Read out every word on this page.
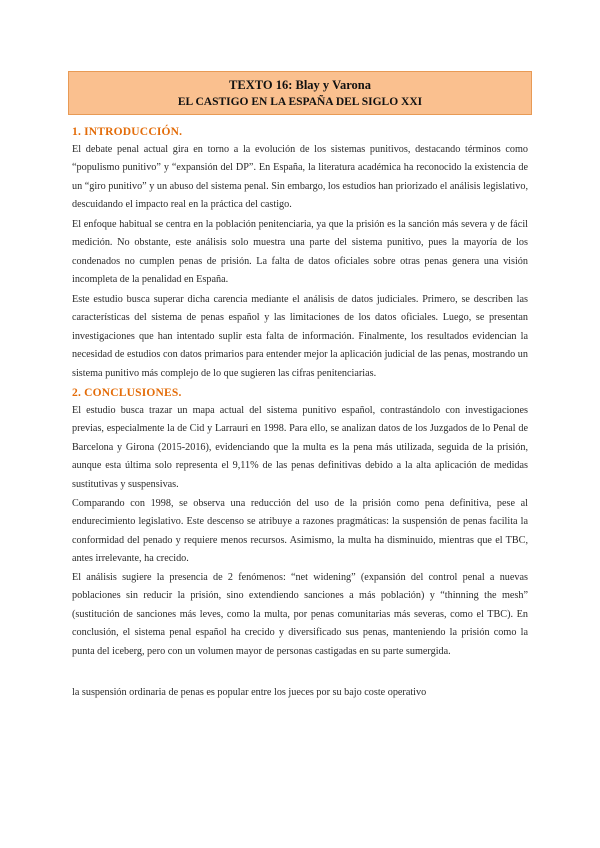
TEXTO 16: Blay y Varona
EL CASTIGO EN LA ESPAÑA DEL SIGLO XXI
1. INTRODUCCIÓN.

El debate penal actual gira en torno a la evolución de los sistemas punitivos, destacando términos como “populismo punitivo” y “expansión del DP”. En España, la literatura académica ha reconocido la existencia de un “giro punitivo” y un abuso del sistema penal. Sin embargo, los estudios han priorizado el análisis legislativo, descuidando el impacto real en la práctica del castigo.

El enfoque habitual se centra en la población penitenciaria, ya que la prisión es la sanción más severa y de fácil medición. No obstante, este análisis solo muestra una parte del sistema punitivo, pues la mayoría de los condenados no cumplen penas de prisión. La falta de datos oficiales sobre otras penas genera una visión incompleta de la penalidad en España.

Este estudio busca superar dicha carencia mediante el análisis de datos judiciales. Primero, se describen las características del sistema de penas español y las limitaciones de los datos oficiales. Luego, se presentan investigaciones que han intentado suplir esta falta de información. Finalmente, los resultados evidencian la necesidad de estudios con datos primarios para entender mejor la aplicación judicial de las penas, mostrando un sistema punitivo más complejo de lo que sugieren las cifras penitenciarias.

2. CONCLUSIONES.

El estudio busca trazar un mapa actual del sistema punitivo español, contrastándolo con investigaciones previas, especialmente la de Cid y Larrauri en 1998. Para ello, se analizan datos de los Juzgados de lo Penal de Barcelona y Girona (2015-2016), evidenciando que la multa es la pena más utilizada, seguida de la prisión, aunque esta última solo representa el 9,11% de las penas definitivas debido a la alta aplicación de medidas sustitutivas y suspensivas.

Comparando con 1998, se observa una reducción del uso de la prisión como pena definitiva, pese al endurecimiento legislativo. Este descenso se atribuye a razones pragmáticas: la suspensión de penas facilita la conformidad del penado y requiere menos recursos. Asimismo, la multa ha disminuido, mientras que el TBC, antes irrelevante, ha crecido.

El análisis sugiere la presencia de 2 fenómenos: “net widening” (expansión del control penal a nuevas poblaciones sin reducir la prisión, sino extendiendo sanciones a más población) y “thinning the mesh” (sustitución de sanciones más leves, como la multa, por penas comunitarias más severas, como el TBC). En conclusión, el sistema penal español ha crecido y diversificado sus penas, manteniendo la prisión como la punta del iceberg, pero con un volumen mayor de personas castigadas en su parte sumergida.

la suspensión ordinaria de penas es popular entre los jueces por su bajo coste operativo
